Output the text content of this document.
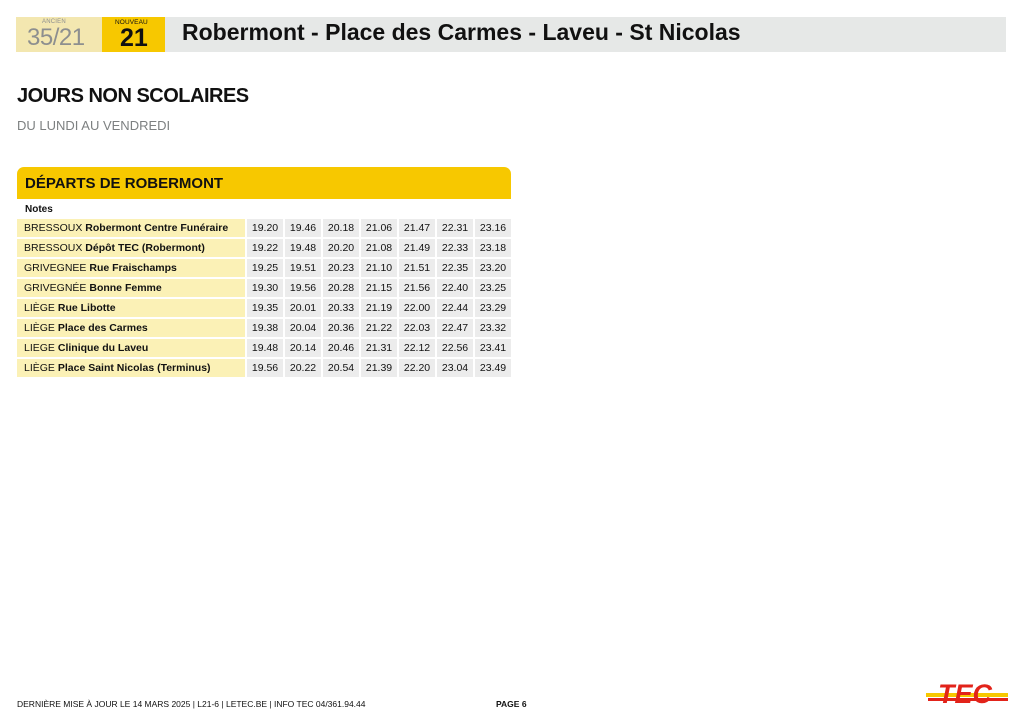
ANCIEN
35/21
NOUVEAU
21 Robermont - Place des Carmes - Laveu - St Nicolas
JOURS NON SCOLAIRES
DU LUNDI AU VENDREDI
DÉPARTS DE ROBERMONT
Notes
BRESSOUX Robermont Centre Funéraire	19.20	19.46	20.18	21.06	21.47	22.31	23.16
BRESSOUX Dépôt TEC (Robermont)	19.22	19.48	20.20	21.08	21.49	22.33	23.18
GRIVEGNEE Rue Fraischamps	19.25	19.51	20.23	21.10	21.51	22.35	23.20
GRIVEGNÉE Bonne Femme	19.30	19.56	20.28	21.15	21.56	22.40	23.25
LIÈGE Rue Libotte	19.35	20.01	20.33	21.19	22.00	22.44	23.29
LIÈGE Place des Carmes	19.38	20.04	20.36	21.22	22.03	22.47	23.32
LIEGE Clinique du Laveu	19.48	20.14	20.46	21.31	22.12	22.56	23.41
LIÈGE Place Saint Nicolas (Terminus)	19.56	20.22	20.54	21.39	22.20	23.04	23.49
DERNIÈRE MISE À JOUR LE 14 MARS 2025 | L21-6 | LETEC.BE | INFO TEC 04/361.94.44	PAGE 6	TEC
